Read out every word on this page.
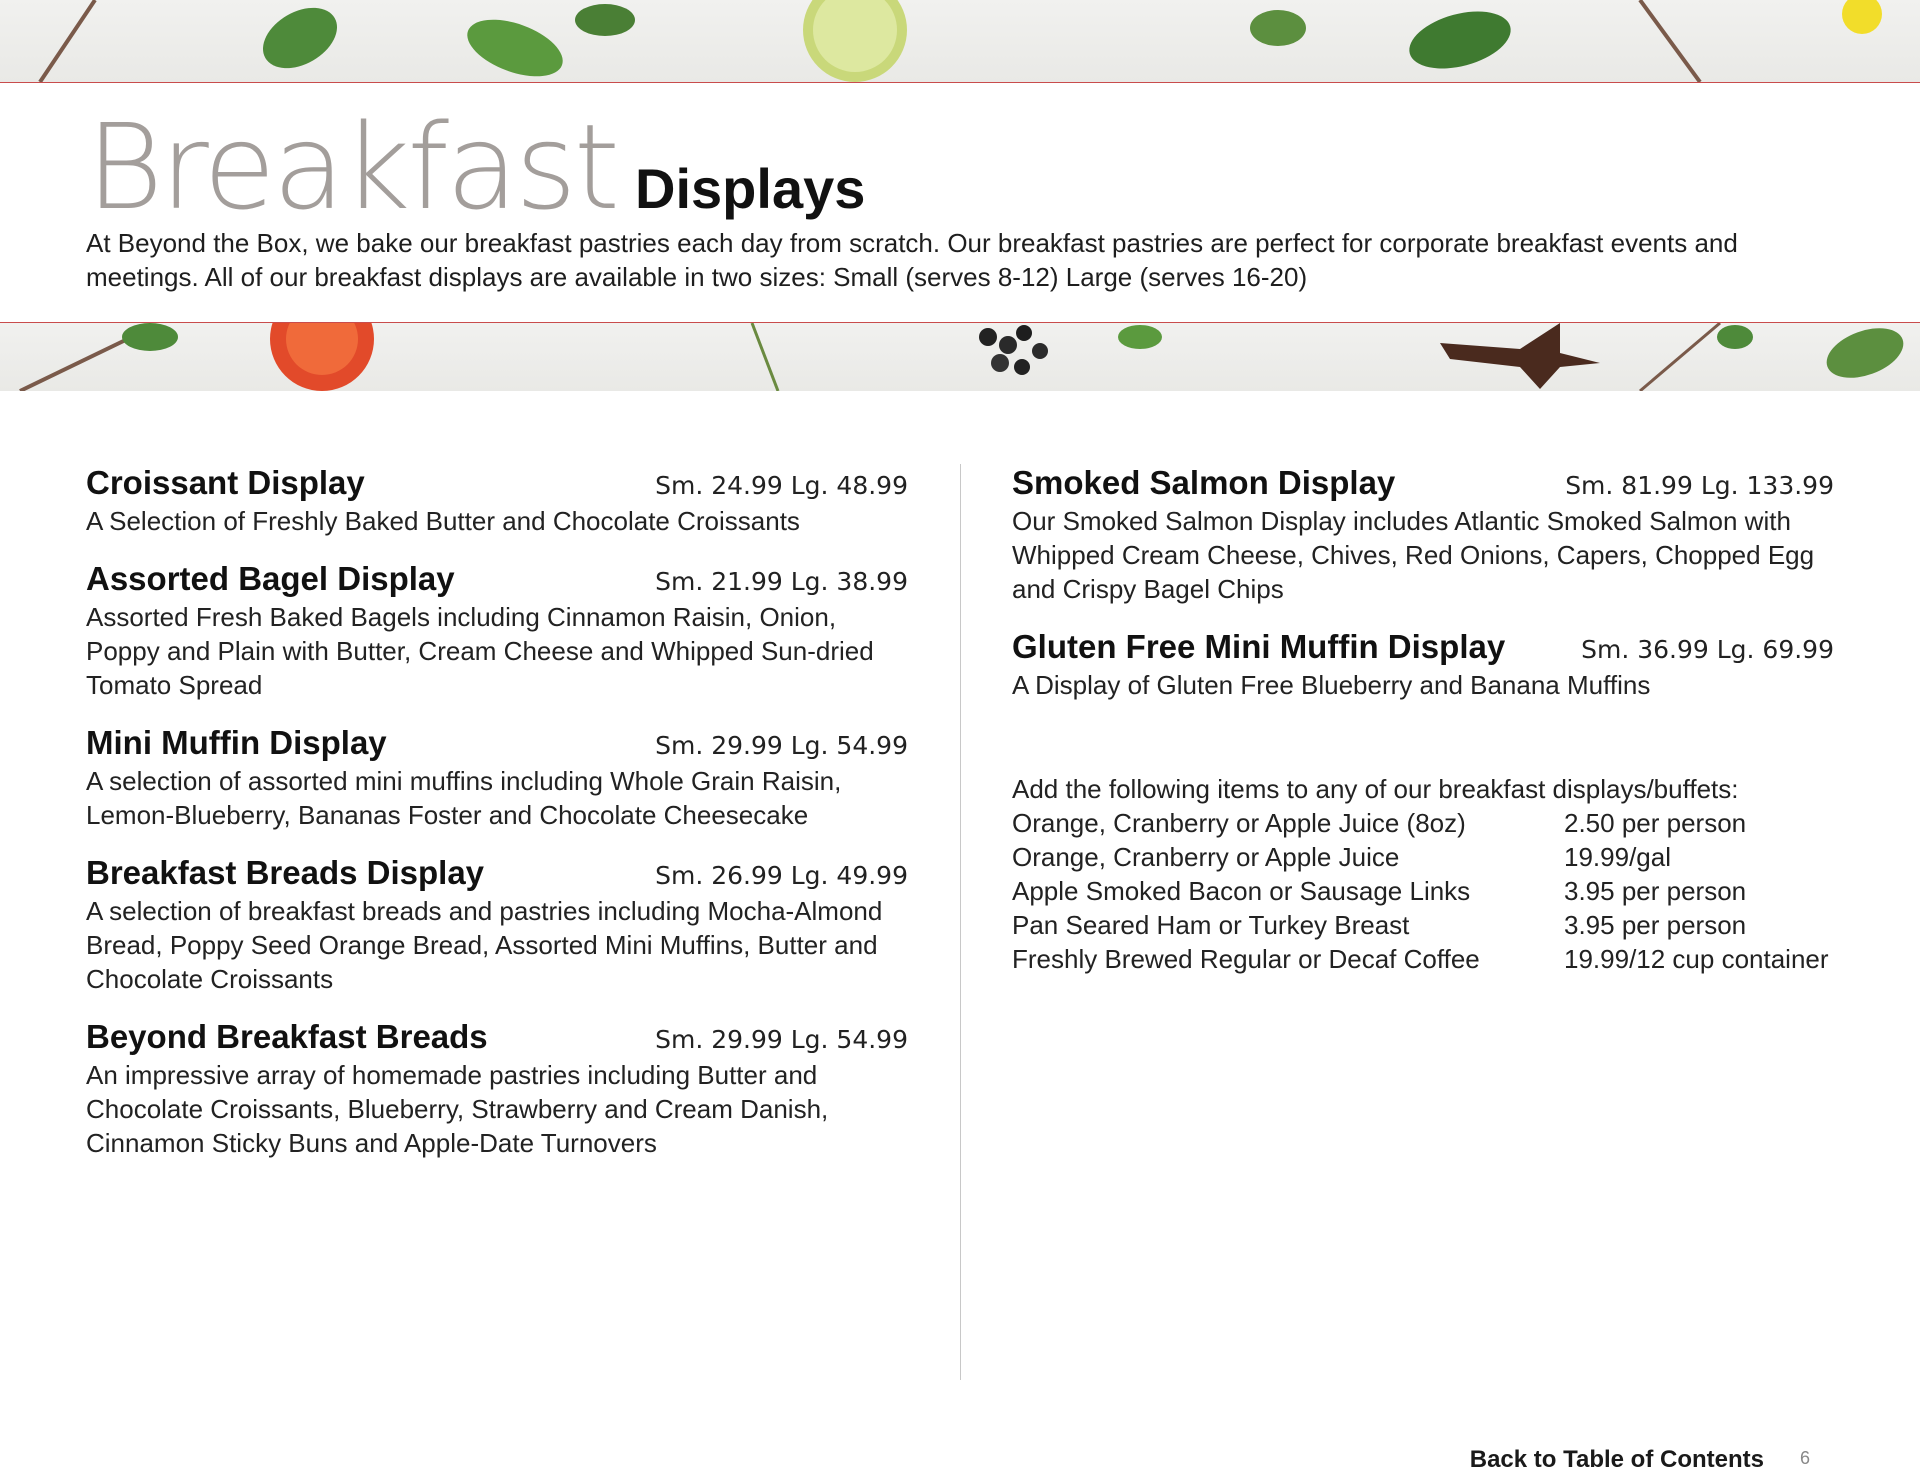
Breakfast Displays

At Beyond the Box, we bake our breakfast pastries each day from scratch. Our breakfast pastries are perfect for corporate breakfast events and meetings. All of our breakfast displays are available in two sizes: Small (serves 8-12) Large (serves 16-20)

Croissant Display	Sm. 24.99 Lg. 48.99
A Selection of Freshly Baked Butter and Chocolate Croissants
Assorted Bagel Display	Sm. 21.99 Lg. 38.99
Assorted Fresh Baked Bagels including Cinnamon Raisin, Onion, Poppy and Plain with Butter, Cream Cheese and Whipped Sun-dried Tomato Spread
Mini Muffin Display	Sm. 29.99 Lg. 54.99
A selection of assorted mini muffins including Whole Grain Raisin, Lemon-Blueberry, Bananas Foster and Chocolate Cheesecake
Breakfast Breads Display	Sm. 26.99 Lg. 49.99
A selection of breakfast breads and pastries including Mocha-Almond Bread, Poppy Seed Orange Bread, Assorted Mini Muffins, Butter and Chocolate Croissants
Beyond Breakfast Breads	Sm. 29.99 Lg. 54.99
An impressive array of homemade pastries including Butter and Chocolate Croissants, Blueberry, Strawberry and Cream Danish, Cinnamon Sticky Buns and Apple-Date Turnovers
Smoked Salmon Display	Sm. 81.99 Lg. 133.99
Our Smoked Salmon Display includes Atlantic Smoked Salmon with Whipped Cream Cheese, Chives, Red Onions, Capers, Chopped Egg and Crispy Bagel Chips
Gluten Free Mini Muffin Display	Sm. 36.99 Lg. 69.99
A Display of Gluten Free Blueberry and Banana Muffins
Add the following items to any of our breakfast displays/buffets:
Orange, Cranberry or Apple Juice (8oz)	2.50 per person
Orange, Cranberry or Apple Juice	19.99/gal
Apple Smoked Bacon or Sausage Links	3.95 per person
Pan Seared Ham or Turkey Breast	3.95 per person
Freshly Brewed Regular or Decaf Coffee	19.99/12 cup container
Back to Table of Contents 6
